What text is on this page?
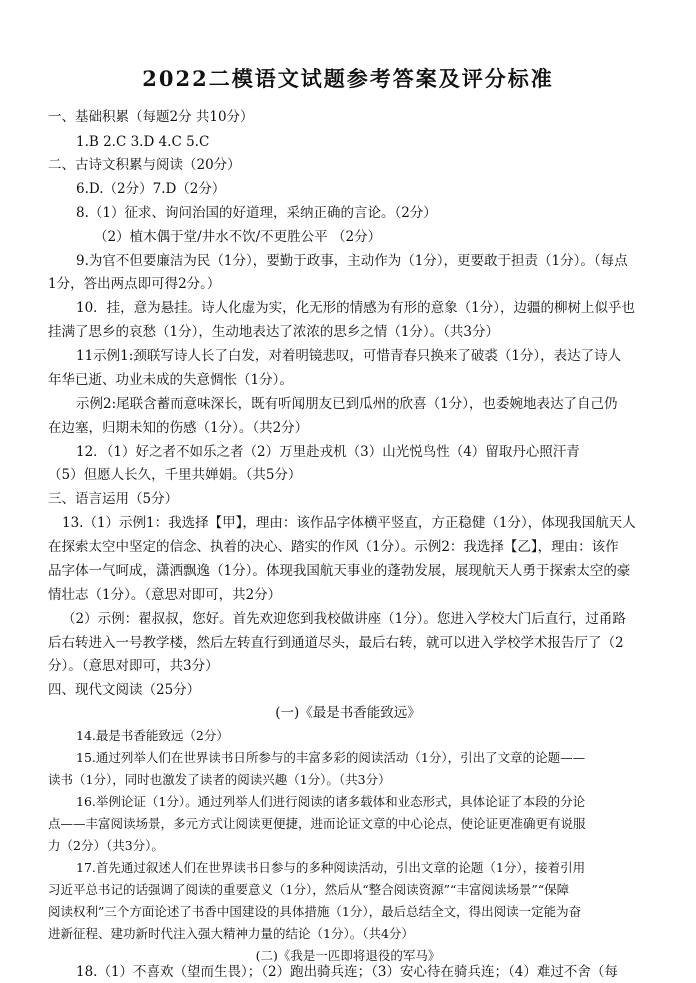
2022二模语文试题参考答案及评分标准
一、基础积累（每题2分 共10分）
1.B 2.C 3.D 4.C 5.C
二、古诗文积累与阅读（20分）
6.D.（2分）7.D（2分）
8.（1）征求、询问治国的好道理，采纳正确的言论。（2分）
（2）植木偶于堂/井水不饮/不更胜公平 （2分）
9.为官不但要廉洁为民（1分），要勤于政事，主动作为（1分），更要敢于担责（1分）。（每点
1分，答出两点即可得2分。）
10．挂，意为悬挂。诗人化虚为实，化无形的情感为有形的意象（1分），边疆的柳树上似乎也
挂满了思乡的哀愁（1分），生动地表达了浓浓的思乡之情（1分）。（共3分）
11示例1:颈联写诗人长了白发，对着明镜悲叹，可惜青春只换来了破裘（1分），表达了诗人
年华已逝、功业未成的失意惆怅（1分）。
示例2:尾联含蓄而意味深长，既有听闻朋友已到瓜州的欣喜（1分），也委婉地表达了自己仍
在边塞，归期未知的伤感（1分）。（共2分）
12．（1）好之者不如乐之者（2）万里赴戎机（3）山光悦鸟性（4）留取丹心照汗青
（5）但愿人长久，千里共婵娟。（共5分）
三、语言运用（5分）
13.（1）示例1：我选择【甲】，理由：该作品字体横平竖直，方正稳健（1分），体现我国航天人
在探索太空中坚定的信念、执着的决心、踏实的作风（1分）。示例2：我选择【乙】，理由：该作
品字体一气呵成，潇洒飘逸（1分）。体现我国航天事业的蓬勃发展，展现航天人勇于探索太空的豪
情壮志（1分）。（意思对即可，共2分）
（2）示例：翟叔叔，您好。首先欢迎您到我校做讲座（1分）。您进入学校大门后直行，过甬路
后右转进入一号教学楼，然后左转直行到通道尽头，最后右转，就可以进入学校学术报告厅了（2
分）。（意思对即可，共3分）
四、现代文阅读（25分）
(一)《最是书香能致远》
14.最是书香能致远（2分）
15.通过列举人们在世界读书日所参与的丰富多彩的阅读活动（1分），引出了文章的论题——
读书（1分），同时也激发了读者的阅读兴趣（1分）。（共3分）
16.举例论证（1分）。通过列举人们进行阅读的诸多载体和业态形式，具体论证了本段的分论
点——丰富阅读场景，多元方式让阅读更便捷，进而论证文章的中心论点，使论证更准确更有说服
力（2分）（共3分）。
17.首先通过叙述人们在世界读书日参与的多种阅读活动，引出文章的论题（1分），接着引用
习近平总书记的话强调了阅读的重要意义（1分），然后从“整合阅读资源”“丰富阅读场景”“保障
阅读权利”三个方面论述了书香中国建设的具体措施（1分），最后总结全文，得出阅读一定能为奋
进新征程、建功新时代注入强大精神力量的结论（1分）。（共4分）
(二)《我是一匹即将退役的军马》
18.（1）不喜欢（望而生畏）；（2）跑出骑兵连；（3）安心待在骑兵连；（4）难过不舍（每
